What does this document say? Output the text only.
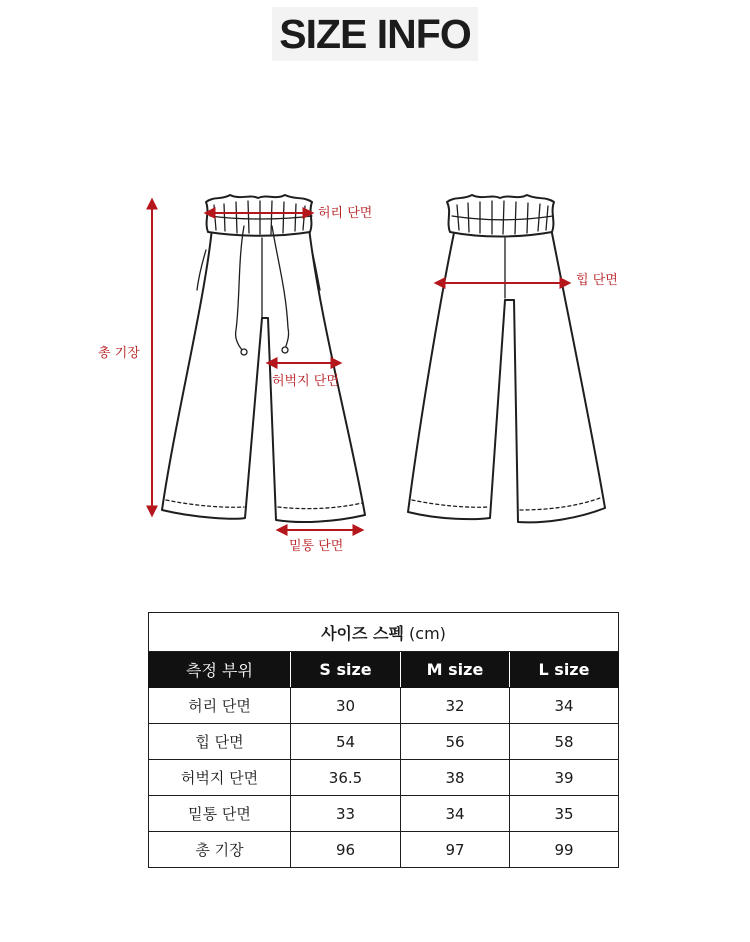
SIZE INFO
허리 단면
총 기장
허벅지 단면
밑통 단면
힙 단면
사이즈 스펙 (cm)			
측정 부위	S size	M size	L size
허리 단면	30	32	34
힙 단면	54	56	58
허벅지 단면	36.5	38	39
밑통 단면	33	34	35
총 기장	96	97	99
